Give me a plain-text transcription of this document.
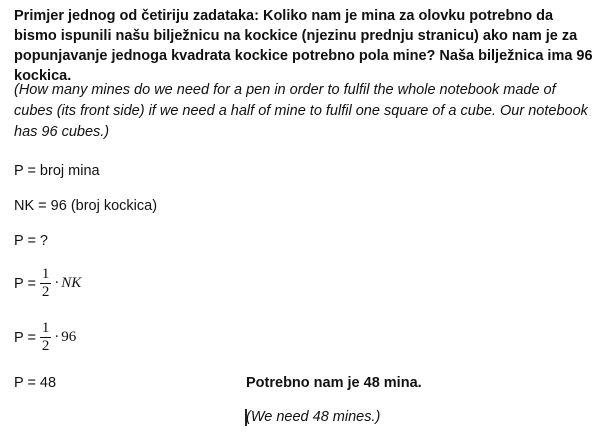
Primjer jednog od četiriju zadataka: Koliko nam je mina za olovku potrebno da bismo ispunili našu bilježnicu na kockice (njezinu prednju stranicu) ako nam je za popunjavanje jednoga kvadrata kockice potrebno pola mine? Naša bilježnica ima 96 kockica.

(How many mines do we need for a pen in order to fulfil the whole notebook made of cubes (its front side) if we need a half of mine to fulfil one square of a cube. Our notebook has 96 cubes.)

P = broj mina

NK = 96 (broj kockica)

P = ?

$P = \frac{1}{2}$ · NK
$P = \frac{1}{2} \cdot 96$

P = 48	Potrebno nam je 48 mina.

(We need 48 mines.)
